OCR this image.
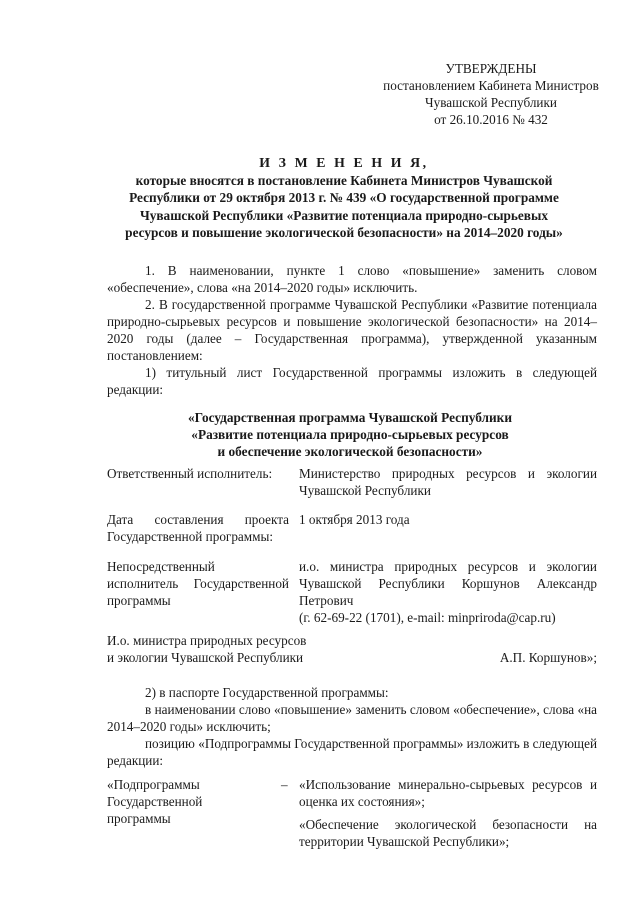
УТВЕРЖДЕНЫ
постановлением Кабинета Министров
Чувашской Республики
от 26.10.2016 № 432
И З М Е Н Е Н И Я,
которые вносятся в постановление Кабинета Министров Чувашской
Республики от 29 октября 2013 г. № 439 «О государственной программе
Чувашской Республики «Развитие потенциала природно-сырьевых
ресурсов и повышение экологической безопасности» на 2014–2020 годы»
1. В наименовании, пункте 1 слово «повышение» заменить словом «обеспечение», слова «на 2014–2020 годы» исключить.
2. В государственной программе Чувашской Республики «Развитие потенциала природно-сырьевых ресурсов и повышение экологической безопасности» на 2014–2020 годы (далее – Государственная программа), утвержденной указанным постановлением:
1) титульный лист Государственной программы изложить в следующей редакции:
«Государственная программа Чувашской Республики
«Развитие потенциала природно-сырьевых ресурсов
и обеспечение экологической безопасности»
Ответственный исполнитель:	Министерство природных ресурсов и экологии Чувашской Республики
Дата составления проекта Государственной программы:
1 октября 2013 года
Непосредственный исполнитель Государственной программы
и.о. министра природных ресурсов и экологии Чувашской Республики Коршунов Александр Петрович
(г. 62-69-22 (1701), e-mail: minpriroda@cap.ru)
И.о. министра природных ресурсов
и экологии Чувашской Республики	А.П. Коршунов»;
2) в паспорте Государственной программы:
в наименовании слово «повышение» заменить словом «обеспечение», слова «на 2014–2020 годы» исключить;
позицию «Подпрограммы Государственной программы» изложить в следующей редакции:
«Подпрограммы Государственной программы
– «Использование минерально-сырьевых ресурсов и оценка их состояния»;
«Обеспечение экологической безопасности на территории Чувашской Республики»;
